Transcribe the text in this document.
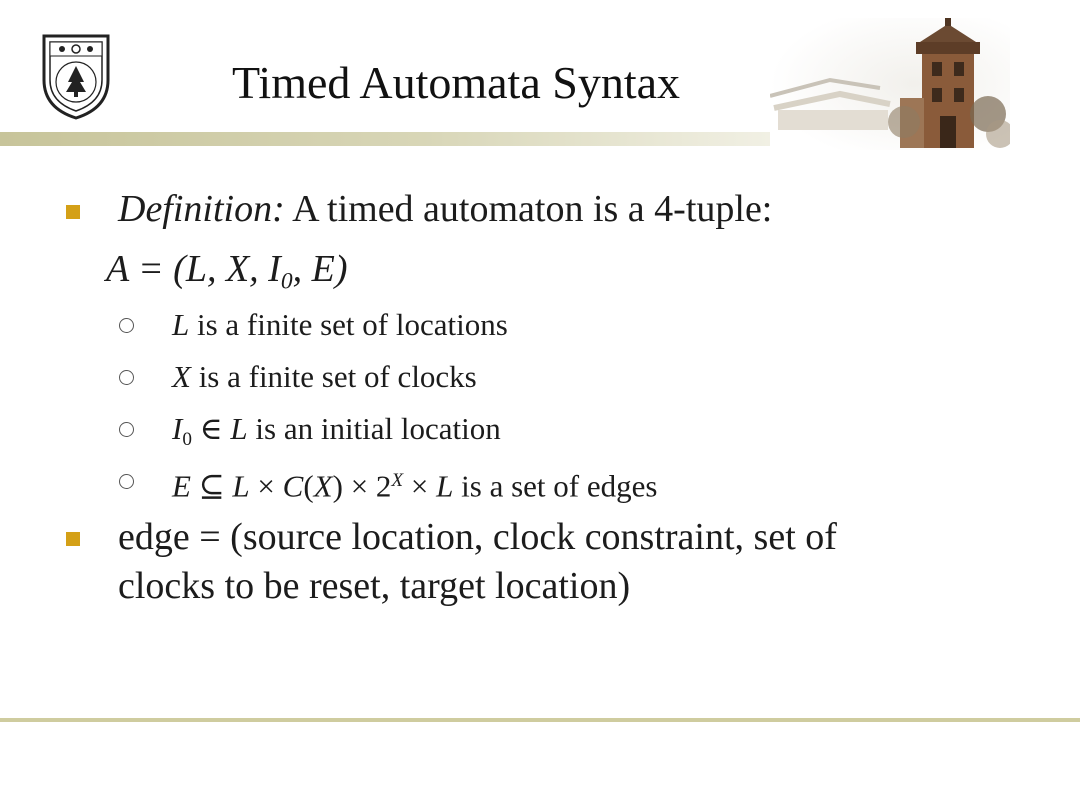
Timed Automata Syntax
Definition: A timed automaton is a 4-tuple:
A = (L, X, $I_0$, E)
L is a finite set of locations
X is a finite set of clocks
$I_0$ ∈ L is an initial location
E ⊆ $L \times C(X) \times 2^X \times L$ is a set of edges
edge = (source location, clock constraint, set of
clocks to be reset, target location)
